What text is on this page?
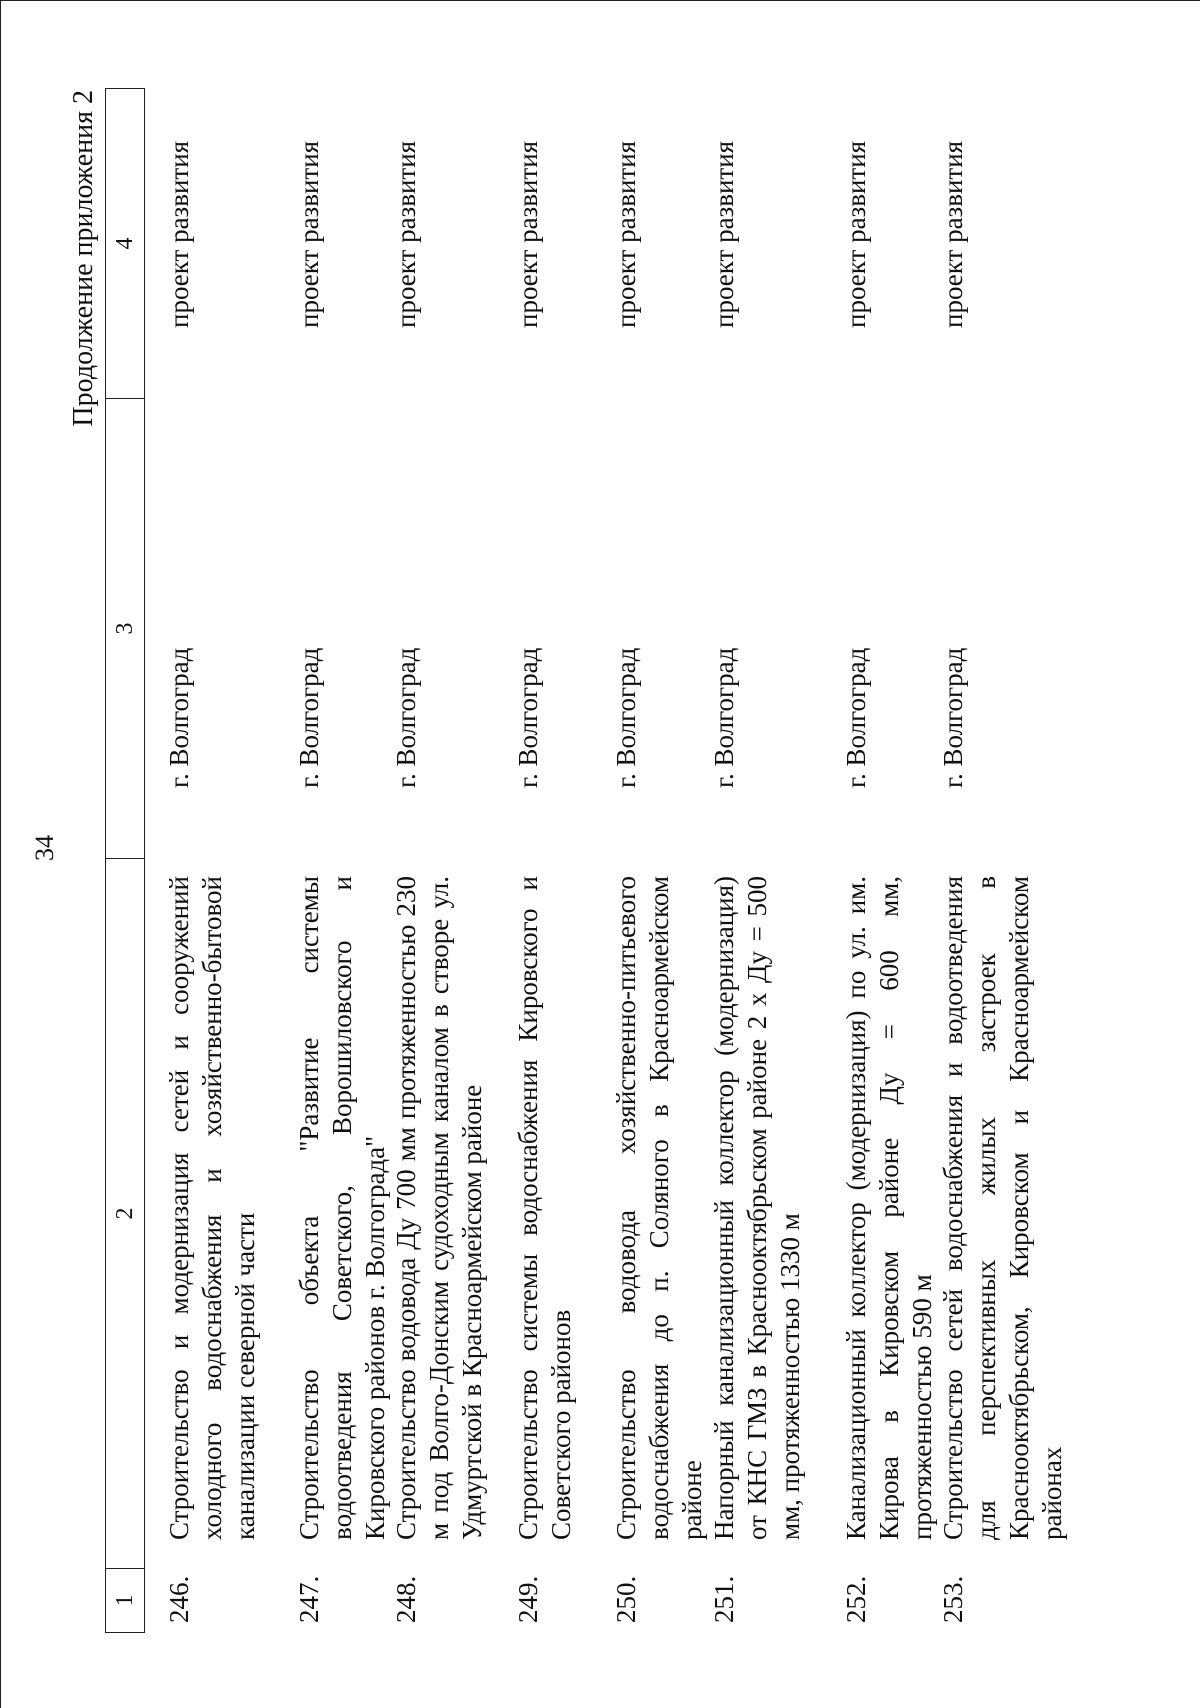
34
Продолжение приложения 2
1
2
3
4
246.
Строительство и модернизация сетей и сооружений холодного водоснабжения и хозяйственно-бытовой канализации северной части
г. Волгоград
проект развития
247.
Строительство объекта "Развитие системы водоотведения Советского, Ворошиловского и Кировского районов г. Волгограда"
г. Волгоград
проект развития
248.
Строительство водовода Ду 700 мм протяженностью 230 м под Волго-Донским судоходным каналом в створе ул. Удмуртской в Красноармейском районе
г. Волгоград
проект развития
249.
Строительство системы водоснабжения Кировского и Советского районов
г. Волгоград
проект развития
250.
Строительство водовода хозяйственно-питьевого водоснабжения до п. Соляного в Красноармейском районе
г. Волгоград
проект развития
251.
Напорный канализационный коллектор (модернизация) от КНС ГМЗ в Краснооктябрьском районе 2 х Ду = 500 мм, протяженностью 1330 м
г. Волгоград
проект развития
252.
Канализационный коллектор (модернизация) по ул. им. Кирова в Кировском районе Ду = 600 мм, протяженностью 590 м
г. Волгоград
проект развития
253.
Строительство сетей водоснабжения и водоотведения для перспективных жилых застроек в Краснооктябрьском, Кировском и Красноармейском районах
г. Волгоград
проект развития
